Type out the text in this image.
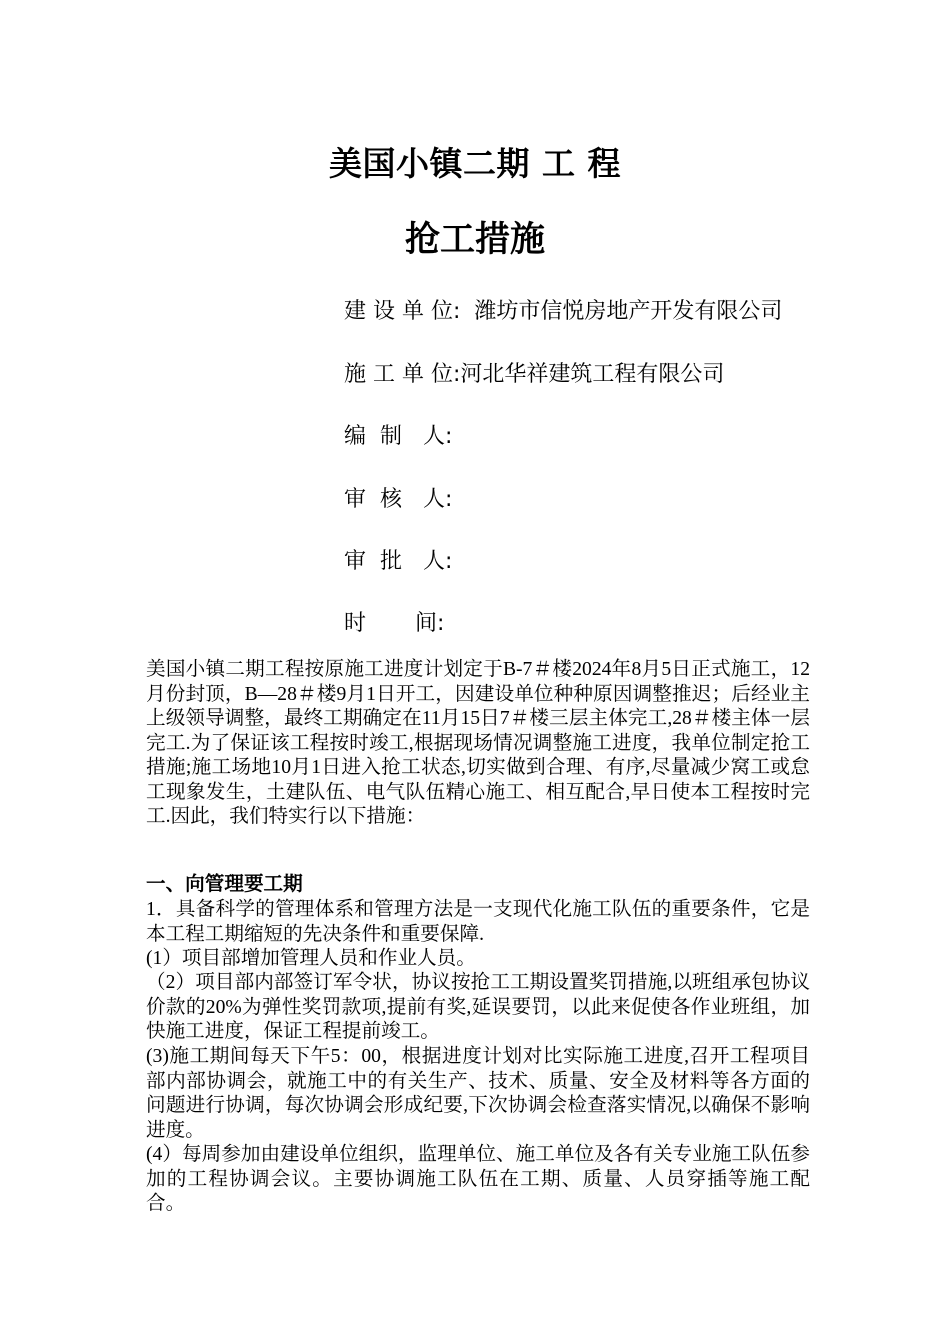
美国小镇二期 工 程
抢工措施
建 设 单 位:  潍坊市信悦房地产开发有限公司
施 工 单 位:河北华祥建筑工程有限公司
编  制   人:
审  核   人:
审  批   人:
时       间:

美国小镇二期工程按原施工进度计划定于B-7＃楼2024年8月5日正式施工，12月份封顶，B—28＃楼9月1日开工，因建设单位种种原因调整推迟；后经业主上级领导调整，最终工期确定在11月15日7＃楼三层主体完工,28＃楼主体一层完工.为了保证该工程按时竣工,根据现场情况调整施工进度，我单位制定抢工措施;施工场地10月1日进入抢工状态,切实做到合理、有序,尽量减少窝工或怠工现象发生，土建队伍、电气队伍精心施工、相互配合,早日使本工程按时完工.因此，我们特实行以下措施：

一、向管理要工期

1．具备科学的管理体系和管理方法是一支现代化施工队伍的重要条件，它是本工程工期缩短的先决条件和重要保障.

(1）项目部增加管理人员和作业人员。

（2）项目部内部签订军令状，协议按抢工工期设置奖罚措施,以班组承包协议价款的20%为弹性奖罚款项,提前有奖,延误要罚，以此来促使各作业班组，加快施工进度，保证工程提前竣工。

(3)施工期间每天下午5：00，根据进度计划对比实际施工进度,召开工程项目部内部协调会，就施工中的有关生产、技术、质量、安全及材料等各方面的问题进行协调，每次协调会形成纪要,下次协调会检查落实情况,以确保不影响进度。

(4）每周参加由建设单位组织，监理单位、施工单位及各有关专业施工队伍参加的工程协调会议。主要协调施工队伍在工期、质量、人员穿插等施工配合。
